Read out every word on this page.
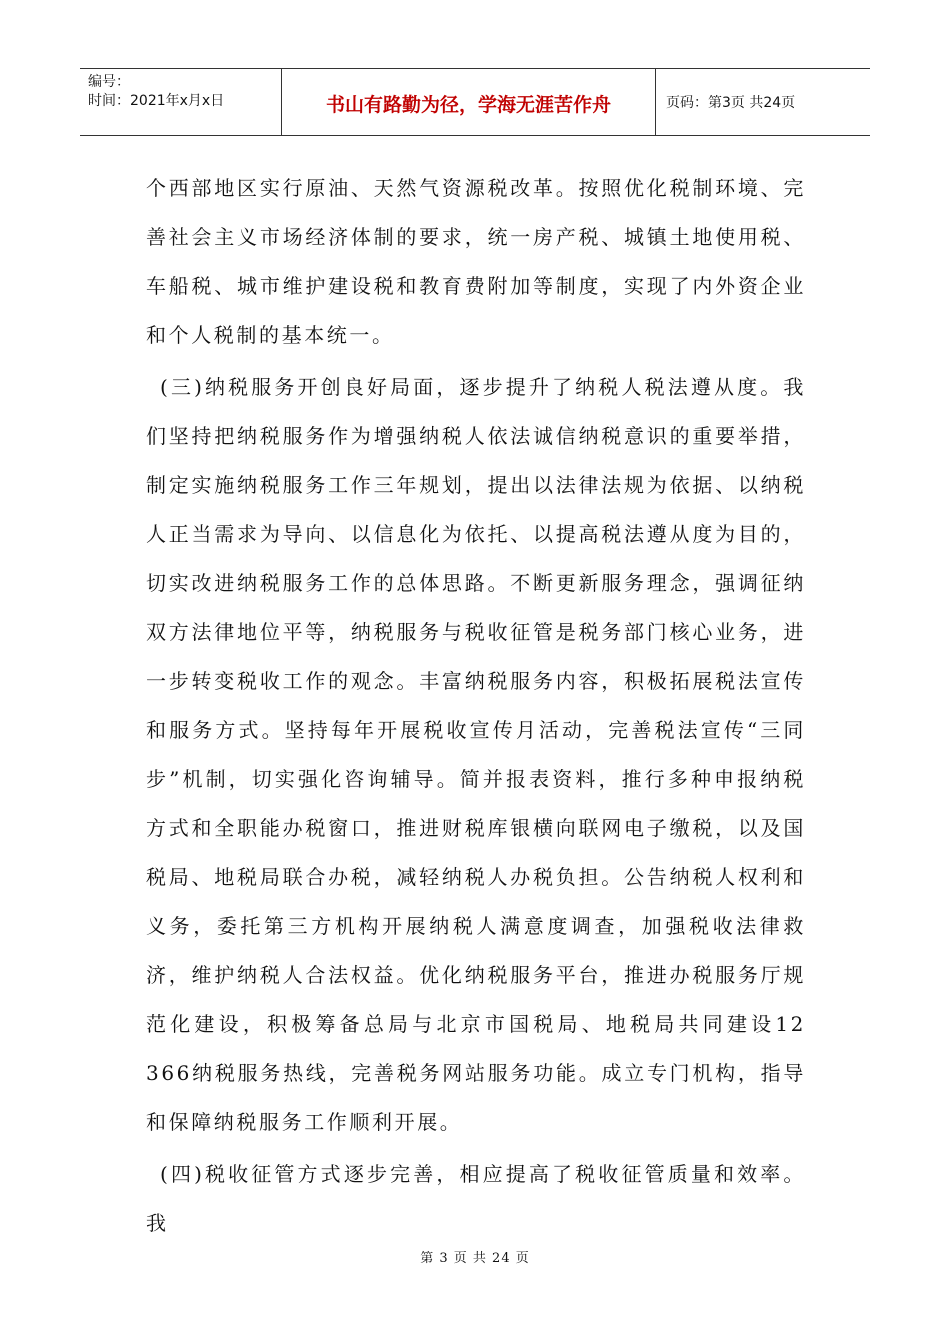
编号：
时间：2021年x月x日	书山有路勤为径，学海无涯苦作舟	页码：第3页 共24页

个西部地区实行原油、天然气资源税改革。按照优化税制环境、完善社会主义市场经济体制的要求，统一房产税、城镇土地使用税、车船税、城市维护建设税和教育费附加等制度，实现了内外资企业和个人税制的基本统一。

(三)纳税服务开创良好局面，逐步提升了纳税人税法遵从度。我们坚持把纳税服务作为增强纳税人依法诚信纳税意识的重要举措，制定实施纳税服务工作三年规划，提出以法律法规为依据、以纳税人正当需求为导向、以信息化为依托、以提高税法遵从度为目的，切实改进纳税服务工作的总体思路。不断更新服务理念，强调征纳双方法律地位平等，纳税服务与税收征管是税务部门核心业务，进一步转变税收工作的观念。丰富纳税服务内容，积极拓展税法宣传和服务方式。坚持每年开展税收宣传月活动，完善税法宣传“三同步”机制，切实强化咨询辅导。简并报表资料，推行多种申报纳税方式和全职能办税窗口，推进财税库银横向联网电子缴税，以及国税局、地税局联合办税，减轻纳税人办税负担。公告纳税人权利和义务，委托第三方机构开展纳税人满意度调查，加强税收法律救济，维护纳税人合法权益。优化纳税服务平台，推进办税服务厅规范化建设，积极筹备总局与北京市国税局、地税局共同建设12 366纳税服务热线，完善税务网站服务功能。成立专门机构，指导和保障纳税服务工作顺利开展。

(四)税收征管方式逐步完善，相应提高了税收征管质量和效率。我

第 3 页 共 24 页
